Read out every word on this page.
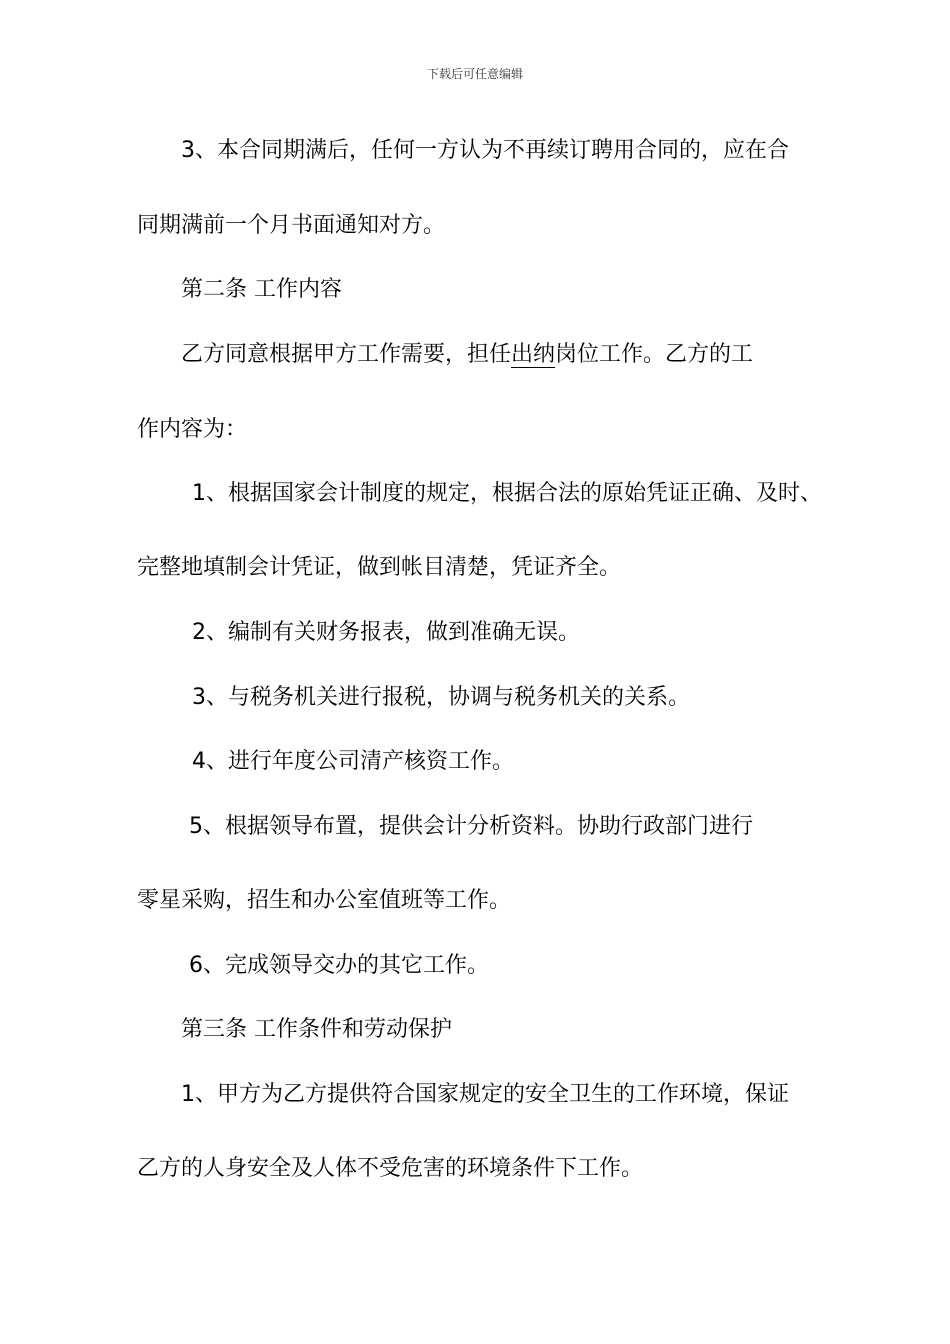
下载后可任意编辑

3、本合同期满后，任何一方认为不再续订聘用合同的，应在合

同期满前一个月书面通知对方。

第二条 工作内容

乙方同意根据甲方工作需要，担任出纳岗位工作。乙方的工

作内容为：

1、根据国家会计制度的规定，根据合法的原始凭证正确、及时、

完整地填制会计凭证，做到帐目清楚，凭证齐全。

2、编制有关财务报表，做到准确无误。

3、与税务机关进行报税，协调与税务机关的关系。

4、进行年度公司清产核资工作。

5、根据领导布置，提供会计分析资料。协助行政部门进行

零星采购，招生和办公室值班等工作。

6、完成领导交办的其它工作。

第三条 工作条件和劳动保护

1、甲方为乙方提供符合国家规定的安全卫生的工作环境，保证

乙方的人身安全及人体不受危害的环境条件下工作。
